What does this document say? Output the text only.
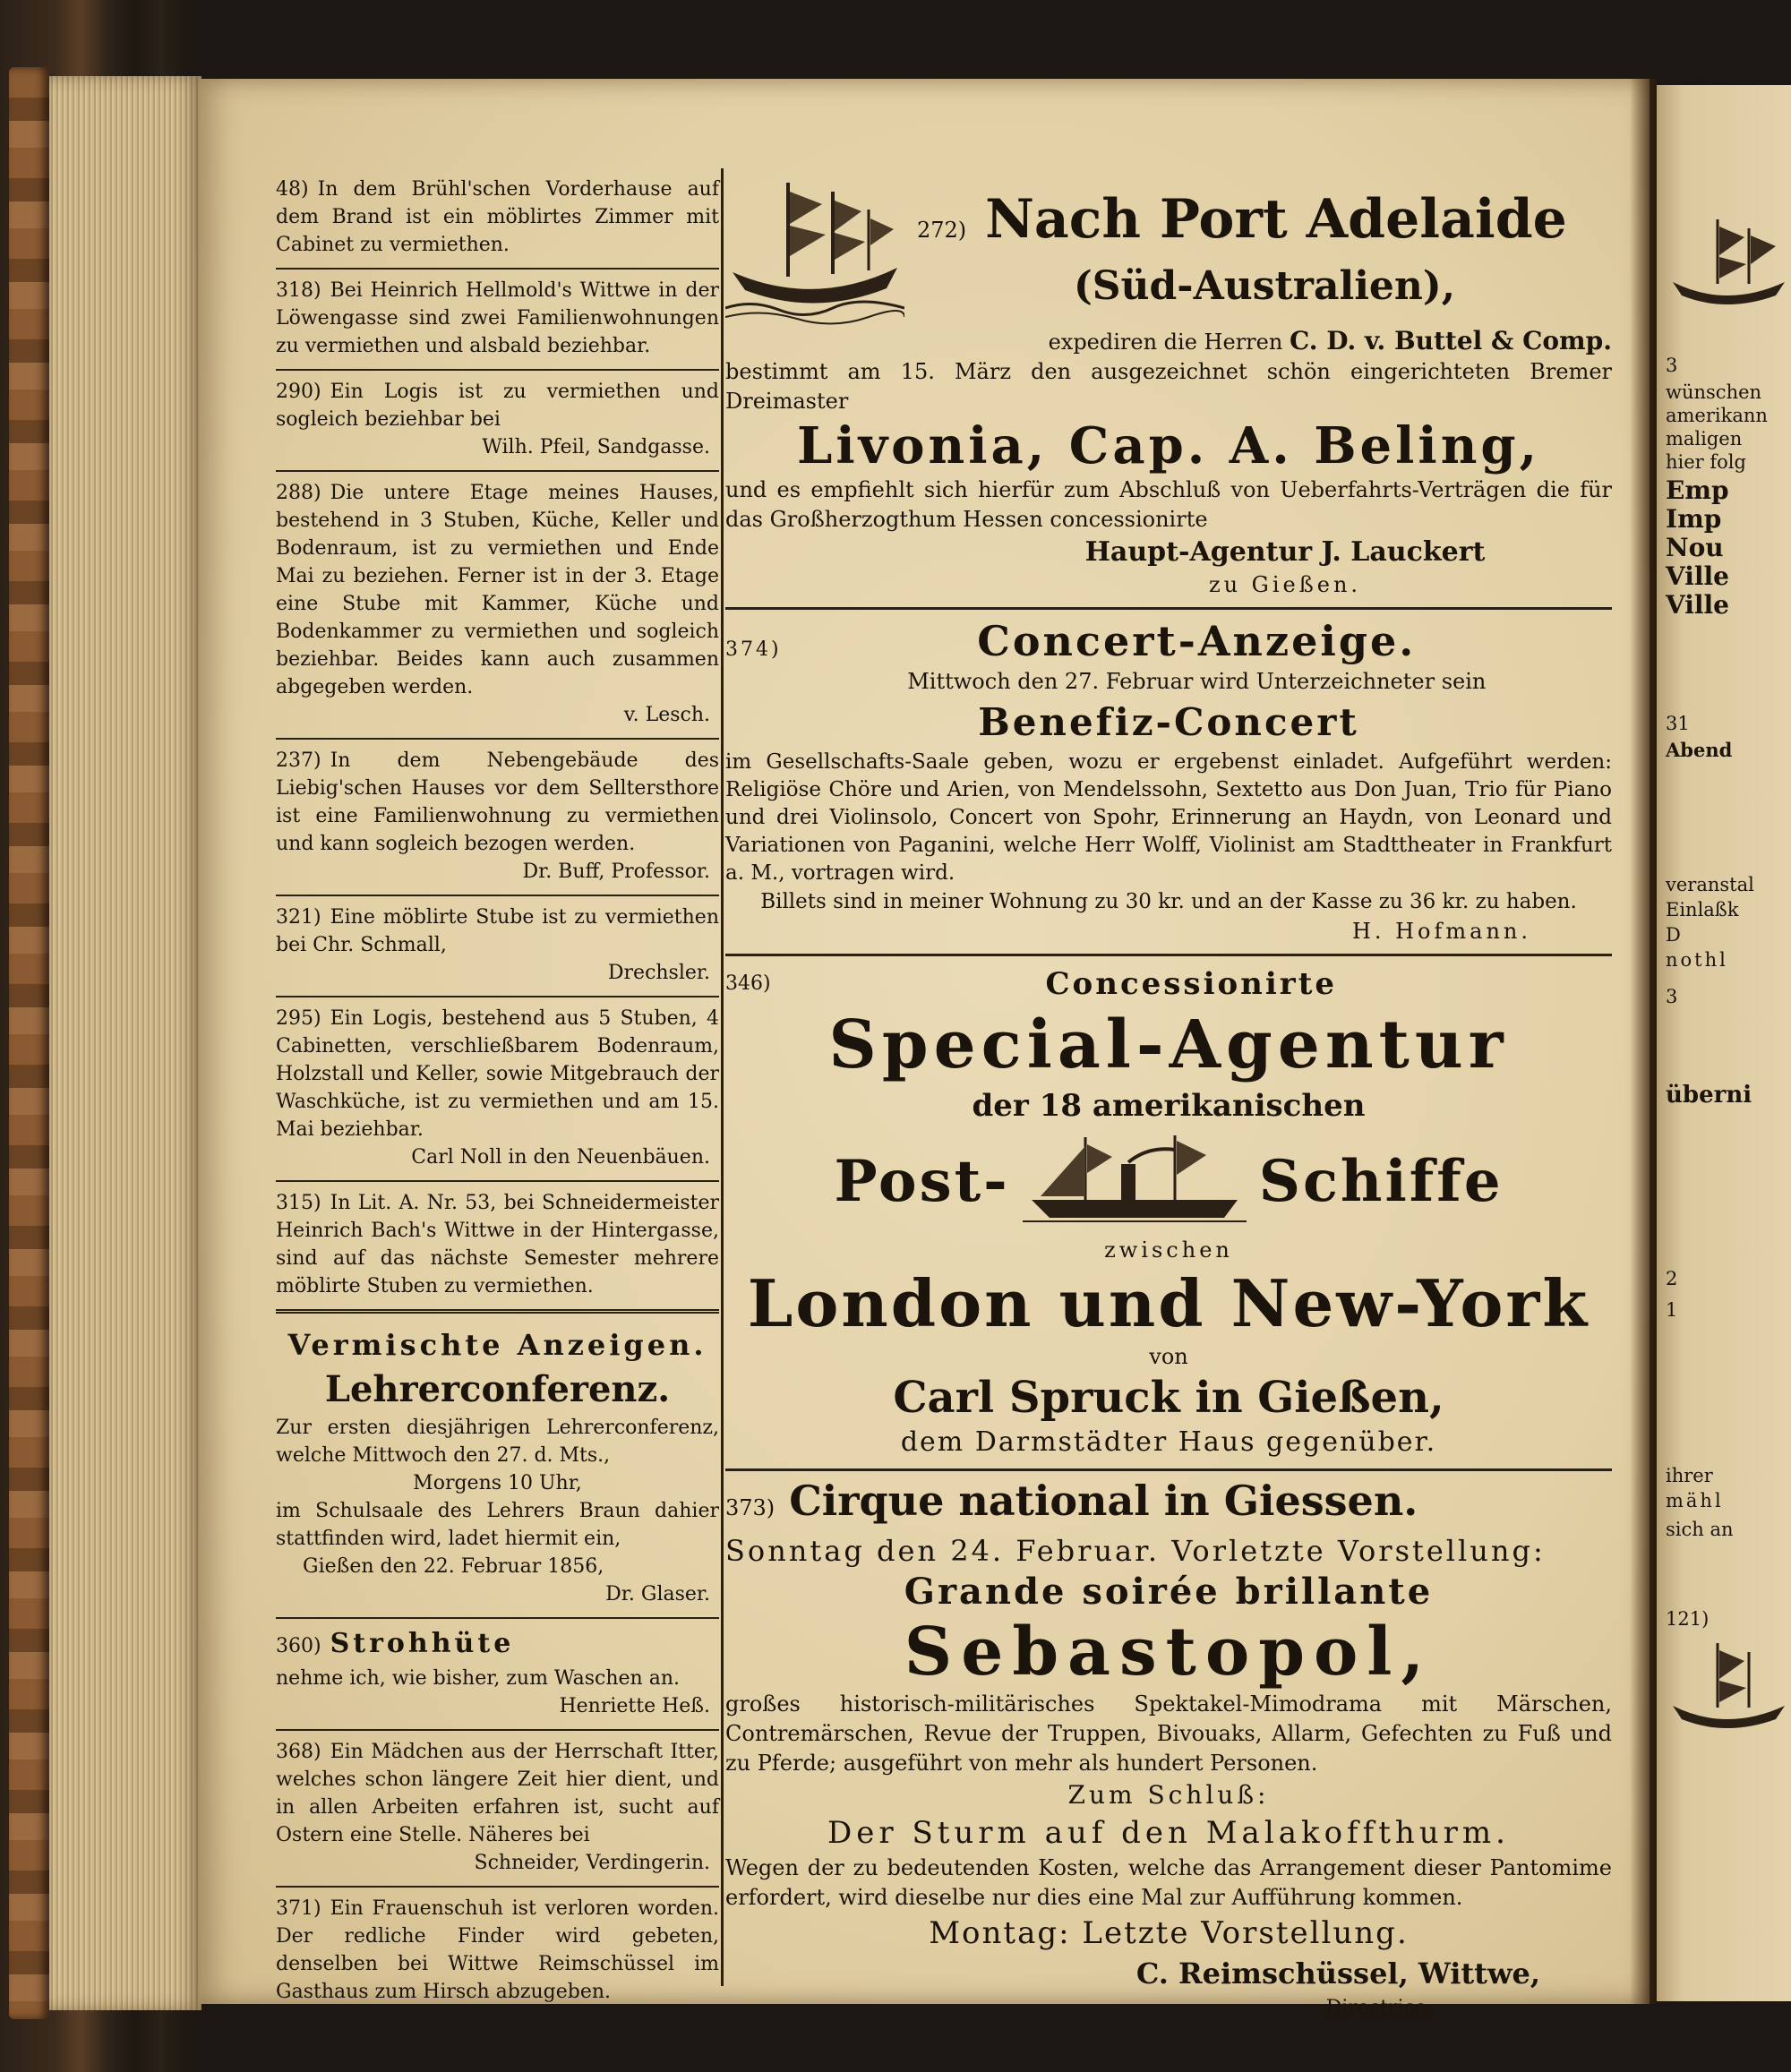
3
wünschen
amerikann
maligen
hier folg
Emp
Imp
Nou
Ville
Ville
31
Abend
veranstal
Einlaßk
D
nothl
3
überni
2
1
ihrer
mähl
sich an
121)

48) In dem Brühl'schen Vorderhause auf dem Brand ist ein möblirtes Zimmer mit Cabinet zu vermiethen.

318) Bei Heinrich Hellmold's Wittwe in der Löwengasse sind zwei Familienwohnungen zu vermiethen und alsbald beziehbar.

290) Ein Logis ist zu vermiethen und sogleich beziehbar bei

Wilh. Pfeil, Sandgasse.

288) Die untere Etage meines Hauses, bestehend in 3 Stuben, Küche, Keller und Bodenraum, ist zu vermiethen und Ende Mai zu beziehen. Ferner ist in der 3. Etage eine Stube mit Kammer, Küche und Bodenkammer zu vermiethen und sogleich beziehbar. Beides kann auch zusammen abgegeben werden.

v. Lesch.

237) In dem Nebengebäude des Liebig'schen Hauses vor dem Selltersthore ist eine Familienwohnung zu vermiethen und kann sogleich bezogen werden.

Dr. Buff, Professor.

321) Eine möblirte Stube ist zu vermiethen bei Chr. Schmall,

Drechsler.

295) Ein Logis, bestehend aus 5 Stuben, 4 Cabinetten, verschließbarem Bodenraum, Holzstall und Keller, sowie Mitgebrauch der Waschküche, ist zu vermiethen und am 15. Mai beziehbar.

Carl Noll in den Neuenbäuen.

315) In Lit. A. Nr. 53, bei Schneidermeister Heinrich Bach's Wittwe in der Hintergasse, sind auf das nächste Semester mehrere möblirte Stuben zu vermiethen.

Vermischte Anzeigen.
Lehrerconferenz.

Zur ersten diesjährigen Lehrerconferenz, welche Mittwoch den 27. d. Mts.,

Morgens 10 Uhr,

im Schulsaale des Lehrers Braun dahier stattfinden wird, ladet hiermit ein,

Gießen den 22. Februar 1856,

Dr. Glaser.

360) Strohhüte

nehme ich, wie bisher, zum Waschen an.

Henriette Heß.

368) Ein Mädchen aus der Herrschaft Itter, welches schon längere Zeit hier dient, und in allen Arbeiten erfahren ist, sucht auf Ostern eine Stelle. Näheres bei

Schneider, Verdingerin.

371) Ein Frauenschuh ist verloren worden. Der redliche Finder wird gebeten, denselben bei Wittwe Reimschüssel im Gasthaus zum Hirsch abzugeben.

272) Nach Port Adelaide
(Süd-Australien),

expediren die Herren C. D. v. Buttel & Comp.

bestimmt am 15. März den ausgezeichnet schön eingerichteten Bremer Dreimaster

Livonia, Cap. A. Beling,

und es empfiehlt sich hierfür zum Abschluß von Ueberfahrts-Verträgen die für das Großherzogthum Hessen concessionirte

Haupt-Agentur J. Lauckert

zu Gießen.

374)	Concert-Anzeige.

Mittwoch den 27. Februar wird Unterzeichneter sein

Benefiz-Concert

im Gesellschafts-Saale geben, wozu er ergebenst einladet. Aufgeführt werden: Religiöse Chöre und Arien, von Mendelssohn, Sextetto aus Don Juan, Trio für Piano und drei Violinsolo, Concert von Spohr, Erinnerung an Haydn, von Leonard und Variationen von Paganini, welche Herr Wolff, Violinist am Stadttheater in Frankfurt a. M., vortragen wird.

Billets sind in meiner Wohnung zu 30 kr. und an der Kasse zu 36 kr. zu haben.

H. Hofmann.

346)	Concessionirte

Special-Agentur

der 18 amerikanischen

Post-	Schiffe

zwischen

London und New-York

von

Carl Spruck in Gießen,

dem Darmstädter Haus gegenüber.

373) Cirque national in Giessen.

Sonntag den 24. Februar. Vorletzte Vorstellung:

Grande soirée brillante
Sebastopol,

großes historisch-militärisches Spektakel-Mimodrama mit Märschen, Contremärschen, Revue der Truppen, Bivouaks, Allarm, Gefechten zu Fuß und zu Pferde; ausgeführt von mehr als hundert Personen.

Zum Schluß:

Der Sturm auf den Malakoffthurm.

Wegen der zu bedeutenden Kosten, welche das Arrangement dieser Pantomime erfordert, wird dieselbe nur dies eine Mal zur Aufführung kommen.

Montag: Letzte Vorstellung.

C. Reimschüssel, Wittwe,

Directrice.
